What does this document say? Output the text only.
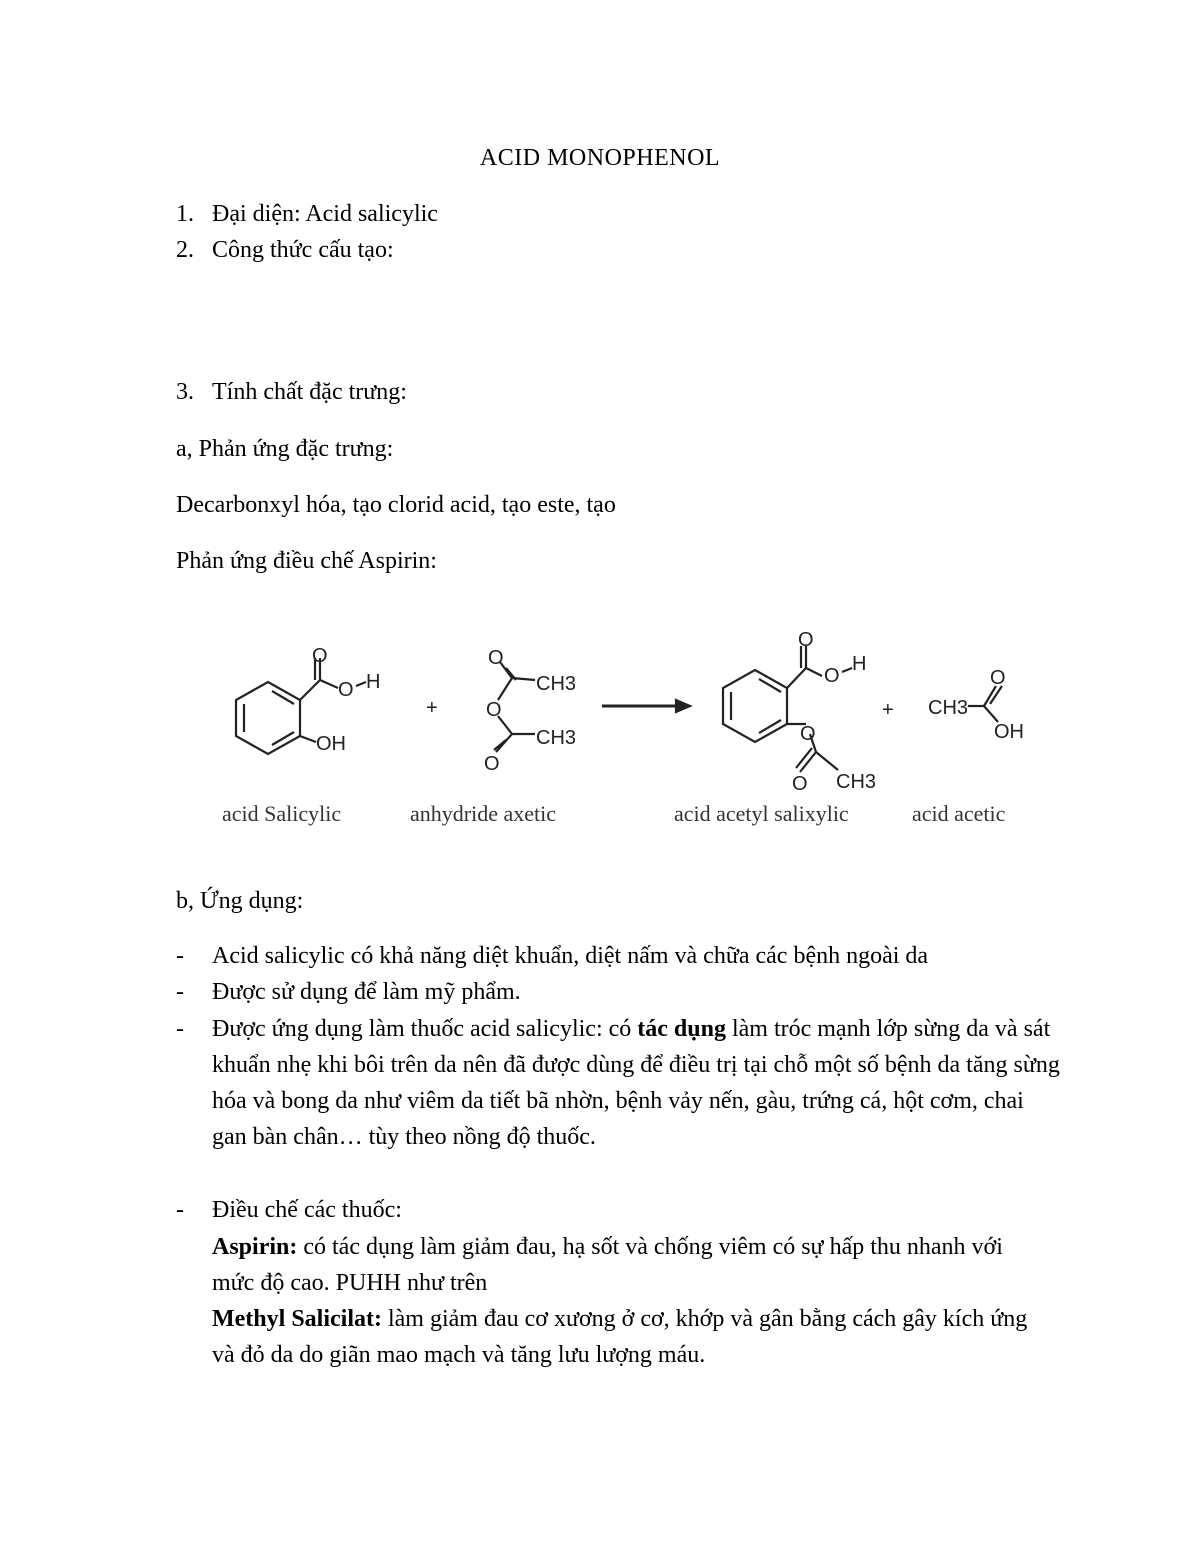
ACID MONOPHENOL
1. Đại diện: Acid salicylic
2. Công thức cấu tạo:
3. Tính chất đặc trưng:
a, Phản ứng đặc trưng:
Decarbonxyl hóa, tạo clorid acid, tạo este, tạo
Phản ứng điều chế Aspirin:
O
O H
OH
+
O
CH3
O
CH3
O
O
O
H
O
O CH3
+ CH3
O
OH
acid Salicylic	anhydride axetic	acid acetyl salixylic	acid acetic
b, Ứng dụng:
- Acid salicylic có khả năng diệt khuẩn, diệt nấm và chữa các bệnh ngoài da
- Được sử dụng để làm mỹ phẩm.
- Được ứng dụng làm thuốc acid salicylic: có tác dụng làm tróc mạnh lớp sừng da và sát khuẩn nhẹ khi bôi trên da nên đã được dùng để điều trị tại chỗ một số bệnh da tăng sừng hóa và bong da như viêm da tiết bã nhờn, bệnh vảy nến, gàu, trứng cá, hột cơm, chai gan bàn chân… tùy theo nồng độ thuốc.
- Điều chế các thuốc:
Aspirin: có tác dụng làm giảm đau, hạ sốt và chống viêm có sự hấp thu nhanh với mức độ cao. PUHH như trên
Methyl Salicilat: làm giảm đau cơ xương ở cơ, khớp và gân bằng cách gây kích ứng và đỏ da do giãn mao mạch và tăng lưu lượng máu.
